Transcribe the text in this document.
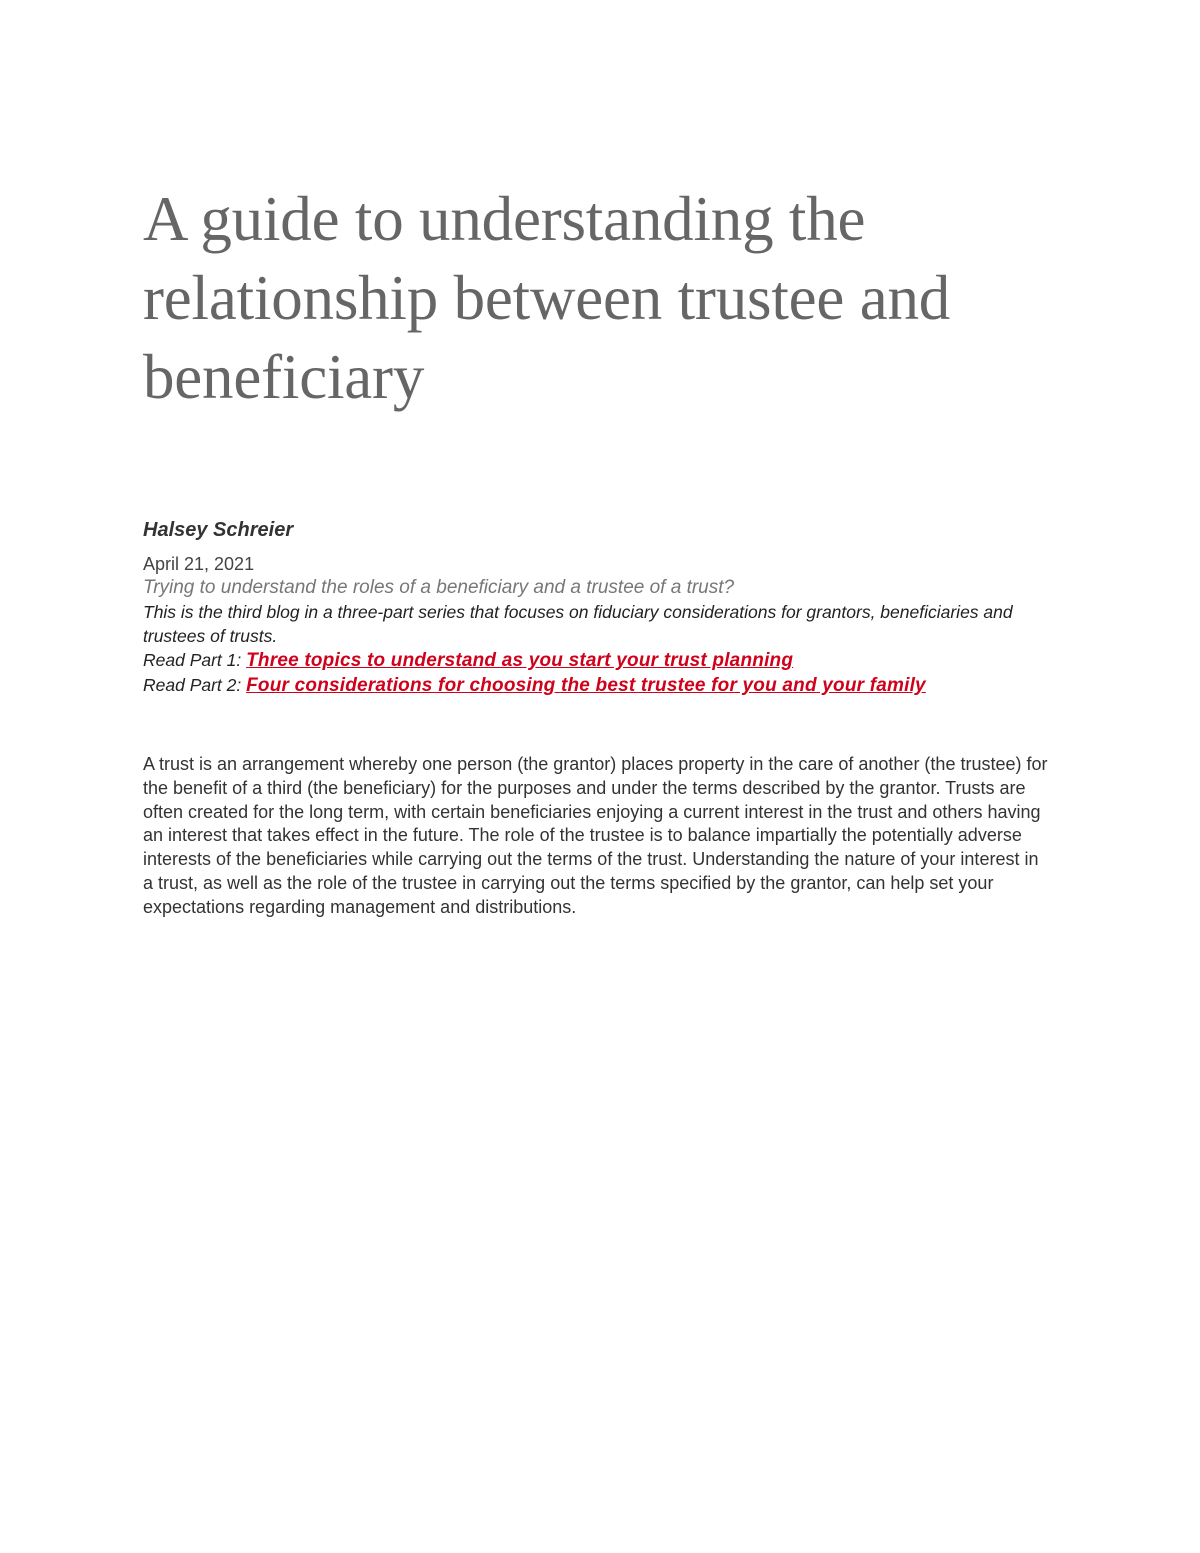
A guide to understanding the relationship between trustee and beneficiary

Halsey Schreier

April 21, 2021

Trying to understand the roles of a beneficiary and a trustee of a trust?

This is the third blog in a three-part series that focuses on fiduciary considerations for grantors, beneficiaries and trustees of trusts.

Read Part 1: Three topics to understand as you start your trust planning

Read Part 2: Four considerations for choosing the best trustee for you and your family

A trust is an arrangement whereby one person (the grantor) places property in the care of another (the trustee) for the benefit of a third (the beneficiary) for the purposes and under the terms described by the grantor. Trusts are often created for the long term, with certain beneficiaries enjoying a current interest in the trust and others having an interest that takes effect in the future. The role of the trustee is to balance impartially the potentially adverse interests of the beneficiaries while carrying out the terms of the trust. Understanding the nature of your interest in a trust, as well as the role of the trustee in carrying out the terms specified by the grantor, can help set your expectations regarding management and distributions.
